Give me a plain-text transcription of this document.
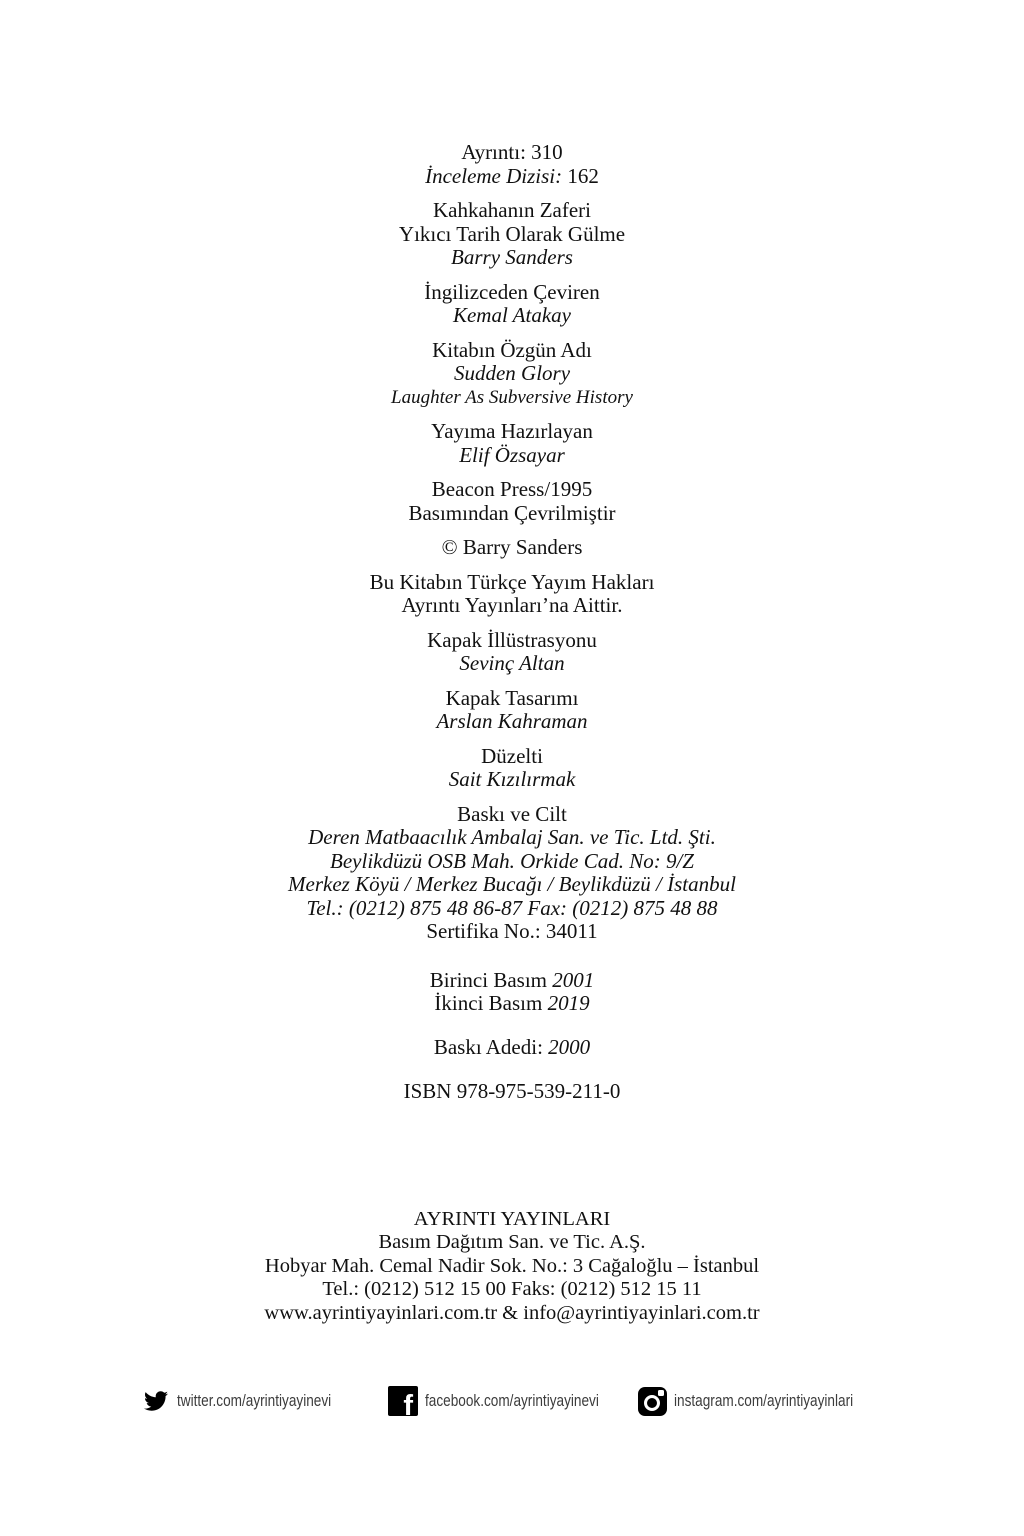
Ayrıntı: 310
İnceleme Dizisi: 162
Kahkahanın Zaferi
Yıkıcı Tarih Olarak Gülme
Barry Sanders
İngilizceden Çeviren
Kemal Atakay
Kitabın Özgün Adı
Sudden Glory
Laughter As Subversive History
Yayıma Hazırlayan
Elif Özsayar
Beacon Press/1995
Basımından Çevrilmiştir
© Barry Sanders
Bu Kitabın Türkçe Yayım Hakları
Ayrıntı Yayınları’na Aittir.
Kapak İllüstrasyonu
Sevinç Altan
Kapak Tasarımı
Arslan Kahraman
Düzelti
Sait Kızılırmak
Baskı ve Cilt
Deren Matbaacılık Ambalaj San. ve Tic. Ltd. Şti.
Beylikdüzü OSB Mah. Orkide Cad. No: 9/Z
Merkez Köyü / Merkez Bucağı / Beylikdüzü / İstanbul
Tel.: (0212) 875 48 86-87 Fax: (0212) 875 48 88
Sertifika No.: 34011
Birinci Basım 2001
İkinci Basım 2019
Baskı Adedi: 2000
ISBN 978-975-539-211-0
AYRINTI YAYINLARI
Basım Dağıtım San. ve Tic. A.Ş.
Hobyar Mah. Cemal Nadir Sok. No.: 3 Cağaloğlu – İstanbul
Tel.: (0212) 512 15 00 Faks: (0212) 512 15 11
www.ayrintiyayinlari.com.tr & info@ayrintiyayinlari.com.tr
twitter.com/ayrintiyayinevi f	facebook.com/ayrintiyayinevi	instagram.com/ayrintiyayinlari
